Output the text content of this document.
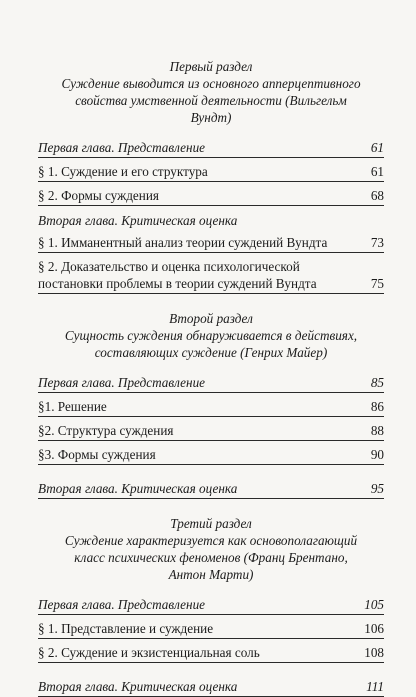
Первый раздел
Суждение выводится из основного апперцептивного свойства умственной деятельности (Вильгельм Вундт)
Первая глава. Представление	61
§ 1. Суждение и его структура	61
§ 2. Формы суждения	68
Вторая глава. Критическая оценка
§ 1. Имманентный анализ теории суждений Вундта	73
§ 2. Доказательство и оценка психологической постановки проблемы в теории суждений Вундта	75
Второй раздел
Сущность суждения обнаруживается в действиях, составляющих суждение (Генрих Майер)
Первая глава. Представление	85
§1. Решение	86
§2. Структура суждения	88
§3. Формы суждения	90
Вторая глава. Критическая оценка	95
Третий раздел
Суждение характеризуется как основополагающий класс психических феноменов (Франц Брентано, Антон Марти)
Первая глава. Представление	105
§ 1. Представление и суждение	106
§ 2. Суждение и экзистенциальная соль	108
Вторая глава. Критическая оценка	111
